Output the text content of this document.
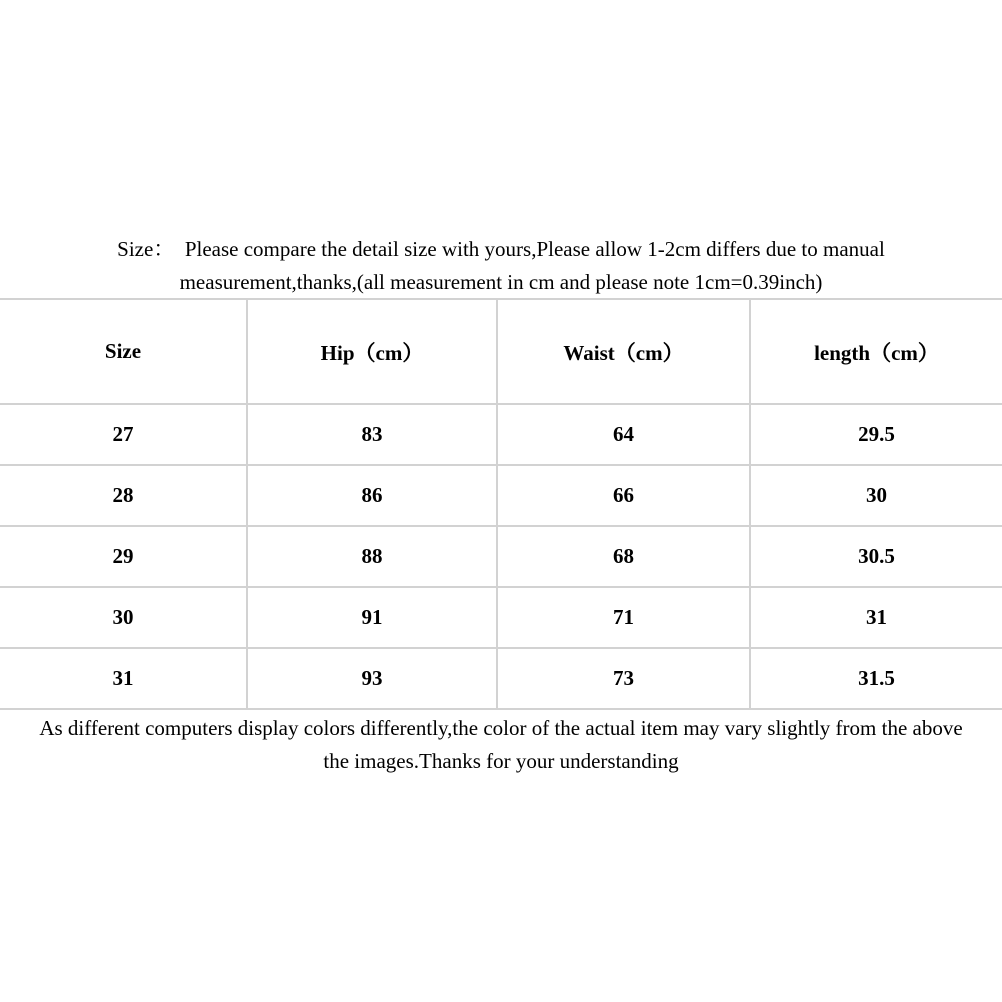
Size：  Please compare the detail size with yours,Please allow 1-2cm differs due to manual
measurement,thanks,(all measurement in cm and please note 1cm=0.39inch)
Size	Hip（cm）	Waist（cm）	length（cm）
27	83	64	29.5
28	86	66	30
29	88	68	30.5
30	91	71	31
31	93	73	31.5
As different computers display colors differently,the color of the actual item may vary slightly from the above
the images.Thanks for your understanding
